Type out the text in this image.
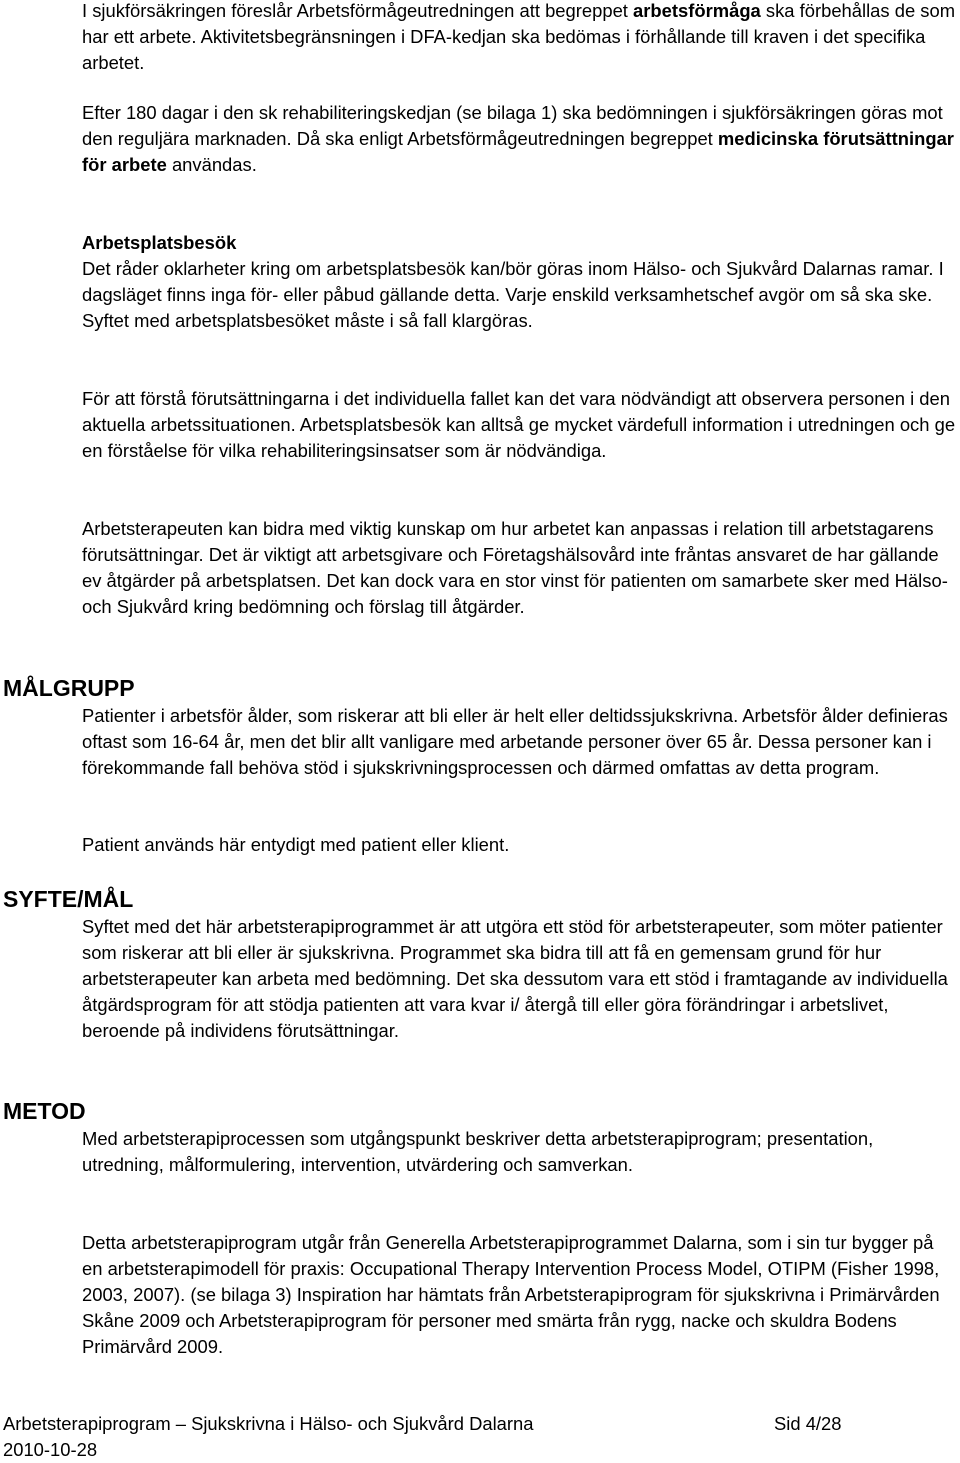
I sjukförsäkringen föreslår Arbetsförmågeutredningen att begreppet arbetsförmåga ska förbehållas de som har ett arbete. Aktivitetsbegränsningen i DFA-kedjan ska bedömas i förhållande till kraven i det specifika arbetet.

Efter 180 dagar i den sk rehabiliteringskedjan (se bilaga 1) ska bedömningen i sjukförsäkringen göras mot den reguljära marknaden. Då ska enligt Arbetsförmågeutredningen begreppet medicinska förutsättningar för arbete användas.

Arbetsplatsbesök
Det råder oklarheter kring om arbetsplatsbesök kan/bör göras inom Hälso- och Sjukvård Dalarnas ramar. I dagsläget finns inga för- eller påbud gällande detta. Varje enskild verksamhetschef avgör om så ska ske. Syftet med arbetsplatsbesöket måste i så fall klargöras.

För att förstå förutsättningarna i det individuella fallet kan det vara nödvändigt att observera personen i den aktuella arbetssituationen. Arbetsplatsbesök kan alltså ge mycket värdefull information i utredningen och ge en förståelse för vilka rehabiliteringsinsatser som är nödvändiga.

Arbetsterapeuten kan bidra med viktig kunskap om hur arbetet kan anpassas i relation till arbetstagarens förutsättningar. Det är viktigt att arbetsgivare och Företagshälsovård inte fråntas ansvaret de har gällande ev åtgärder på arbetsplatsen. Det kan dock vara en stor vinst för patienten om samarbete sker med Hälso- och Sjukvård kring bedömning och förslag till åtgärder.

MÅLGRUPP

Patienter i arbetsför ålder, som riskerar att bli eller är helt eller deltidssjukskrivna. Arbetsför ålder definieras oftast som 16-64 år, men det blir allt vanligare med arbetande personer över 65 år. Dessa personer kan i förekommande fall behöva stöd i sjukskrivningsprocessen och därmed omfattas av detta program.

Patient används här entydigt med patient eller klient.

SYFTE/MÅL

Syftet med det här arbetsterapiprogrammet är att utgöra ett stöd för arbetsterapeuter, som möter patienter som riskerar att bli eller är sjukskrivna. Programmet ska bidra till att få en gemensam grund för hur arbetsterapeuter kan arbeta med bedömning. Det ska dessutom vara ett stöd i framtagande av individuella åtgärdsprogram för att stödja patienten att vara kvar i/ återgå till eller göra förändringar i arbetslivet, beroende på individens förutsättningar.

METOD

Med arbetsterapiprocessen som utgångspunkt beskriver detta arbetsterapiprogram; presentation, utredning, målformulering, intervention, utvärdering och samverkan.

Detta arbetsterapiprogram utgår från Generella Arbetsterapiprogrammet Dalarna, som i sin tur bygger på en arbetsterapimodell för praxis: Occupational Therapy Intervention Process Model, OTIPM (Fisher 1998, 2003, 2007). (se bilaga 3) Inspiration har hämtats från Arbetsterapiprogram för sjukskrivna i Primärvården Skåne 2009 och Arbetsterapiprogram för personer med smärta från rygg, nacke och skuldra Bodens Primärvård 2009.

Arbetsterapiprogram – Sjukskrivna i Hälso- och Sjukvård Dalarna	Sid 4/28
2010-10-28
